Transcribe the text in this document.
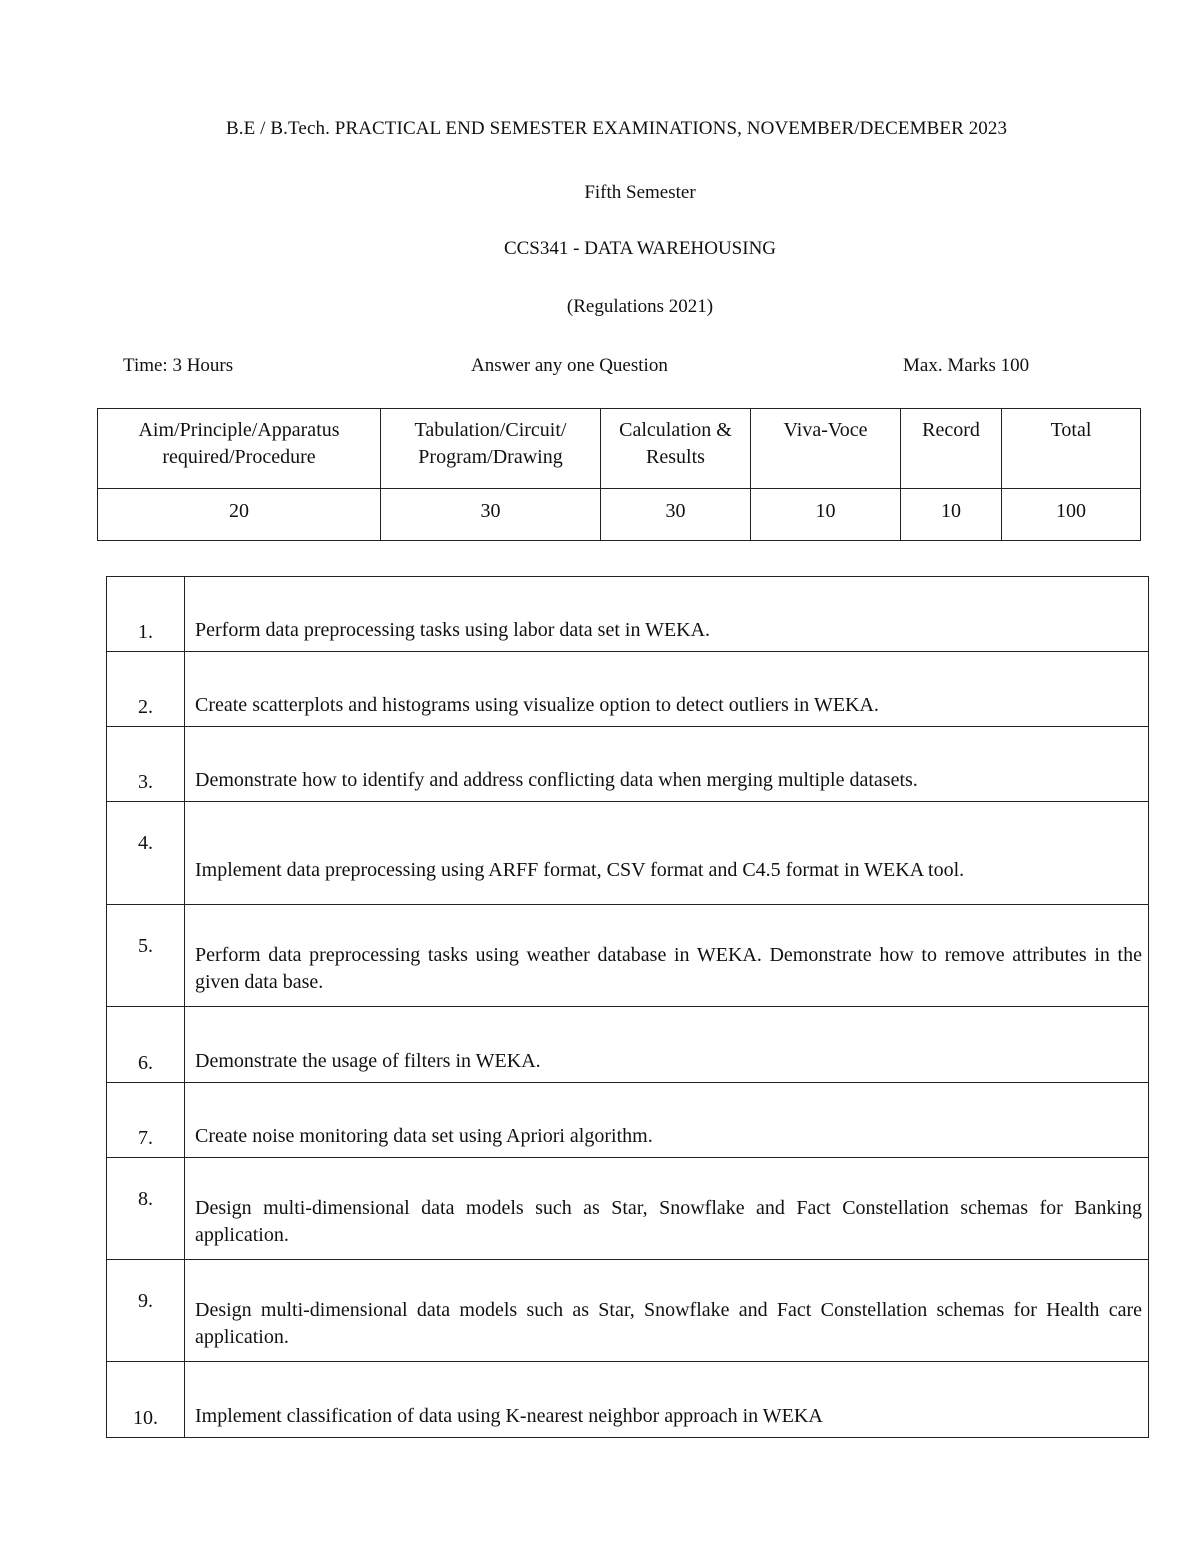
B.E / B.Tech. PRACTICAL END SEMESTER EXAMINATIONS, NOVEMBER/DECEMBER 2023
Fifth Semester
CCS341 - DATA WAREHOUSING
(Regulations 2021)
Time: 3 Hours	Answer any one Question	Max. Marks 100
Aim/Principle/Apparatus required/Procedure	Tabulation/Circuit/ Program/Drawing	Calculation & Results	Viva-Voce	Record	Total
20	30	30	10	10	100
1.	Perform data preprocessing tasks using labor data set in WEKA.

2.	Create scatterplots and histograms using visualize option to detect outliers in WEKA.

3.	Demonstrate how to identify and address conflicting data when merging multiple datasets.

4.	Implement data preprocessing using ARFF format, CSV format and C4.5 format in WEKA tool.

5.	Perform data preprocessing tasks using weather database in WEKA. Demonstrate how to remove attributes in the given data base.

6.	Demonstrate the usage of filters in WEKA.

7.	Create noise monitoring data set using Apriori algorithm.

8.	Design multi-dimensional data models such as Star, Snowflake and Fact Constellation schemas for Banking application.

9.	Design multi-dimensional data models such as Star, Snowflake and Fact Constellation schemas for Health care application.

10.	Implement classification of data using K-nearest neighbor approach in WEKA
